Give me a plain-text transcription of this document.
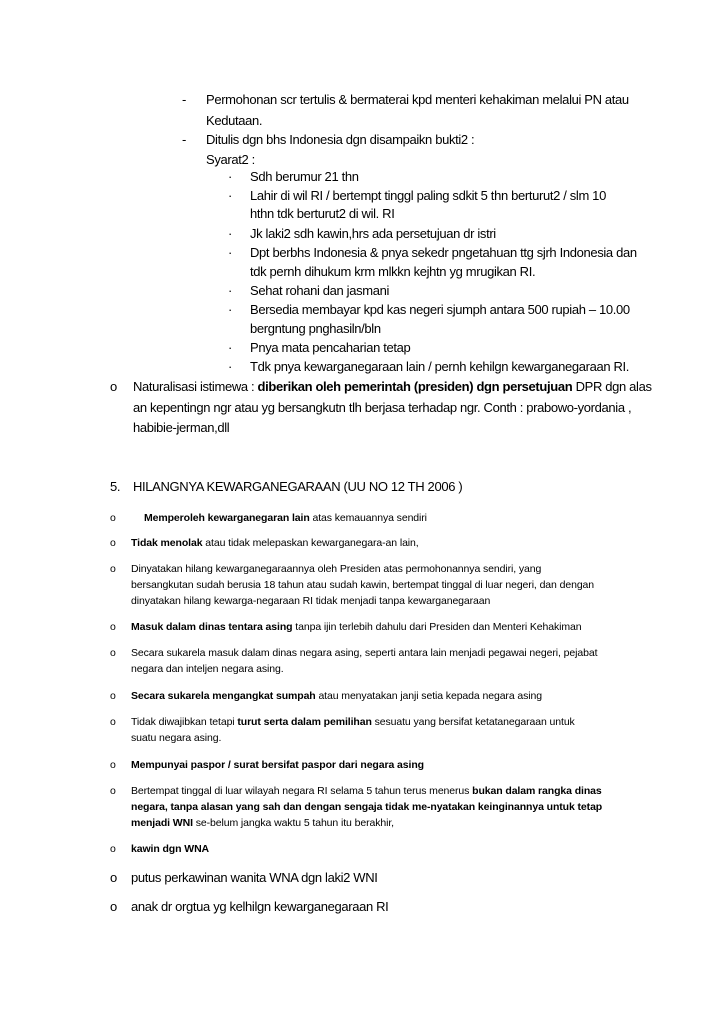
- Permohonan scr tertulis & bermaterai kpd menteri kehakiman melalui PN atau
Kedutaan.
- Ditulis dgn bhs Indonesia dgn disampaikn bukti2 :
Syarat2 :
· Sdh berumur 21 thn
· Lahir di wil RI / bertempt tinggl paling sdkit 5 thn berturut2 / slm 10
hthn tdk berturut2 di wil. RI
· Jk laki2 sdh kawin,hrs ada persetujuan dr istri
· Dpt berbhs Indonesia & pnya sekedr pngetahuan ttg sjrh Indonesia dan
tdk pernh dihukum krm mlkkn kejhtn yg mrugikan RI.
· Sehat rohani dan jasmani
· Bersedia membayar kpd kas negeri sjumph antara 500 rupiah – 10.00
bergntung pnghasiln/bln
· Pnya mata pencaharian tetap
· Tdk pnya kewarganegaraan lain / pernh kehilgn kewarganegaraan RI.
o Naturalisasi istimewa : diberikan oleh pemerintah (presiden) dgn persetujuan DPR dgn alas
an kepentingn ngr atau yg bersangkutn tlh berjasa terhadap ngr. Conth : prabowo-yordania ,
habibie-jerman,dll
5. HILANGNYA KEWARGANEGARAAN (UU NO 12 TH 2006 )
o	Memperoleh kewarganegaran lain atas kemauannya sendiri
o Tidak menolak atau tidak melepaskan kewarganegara-an lain,
o Dinyatakan hilang kewarganegaraannya oleh Presiden atas permohonannya sendiri, yang
bersangkutan sudah berusia 18 tahun atau sudah kawin, bertempat tinggal di luar negeri, dan dengan
dinyatakan hilang kewarga-negaraan RI tidak menjadi tanpa kewarganegaraan
o Masuk dalam dinas tentara asing tanpa ijin terlebih dahulu dari Presiden dan Menteri Kehakiman
o Secara sukarela masuk dalam dinas negara asing, seperti antara lain menjadi pegawai negeri, pejabat
negara dan inteljen negara asing.
o Secara sukarela mengangkat sumpah atau menyatakan janji setia kepada negara asing
o Tidak diwajibkan tetapi turut serta dalam pemilihan sesuatu yang bersifat ketatanegaraan untuk
suatu negara asing.
o Mempunyai paspor / surat bersifat paspor dari negara asing
o Bertempat tinggal di luar wilayah negara RI selama 5 tahun terus menerus bukan dalam rangka dinas
negara, tanpa alasan yang sah dan dengan sengaja tidak me-nyatakan keinginannya untuk tetap
menjadi WNI se-belum jangka waktu 5 tahun itu berakhir,
o kawin dgn WNA
o putus perkawinan wanita WNA dgn laki2 WNI
o anak dr orgtua yg kelhilgn kewarganegaraan RI
